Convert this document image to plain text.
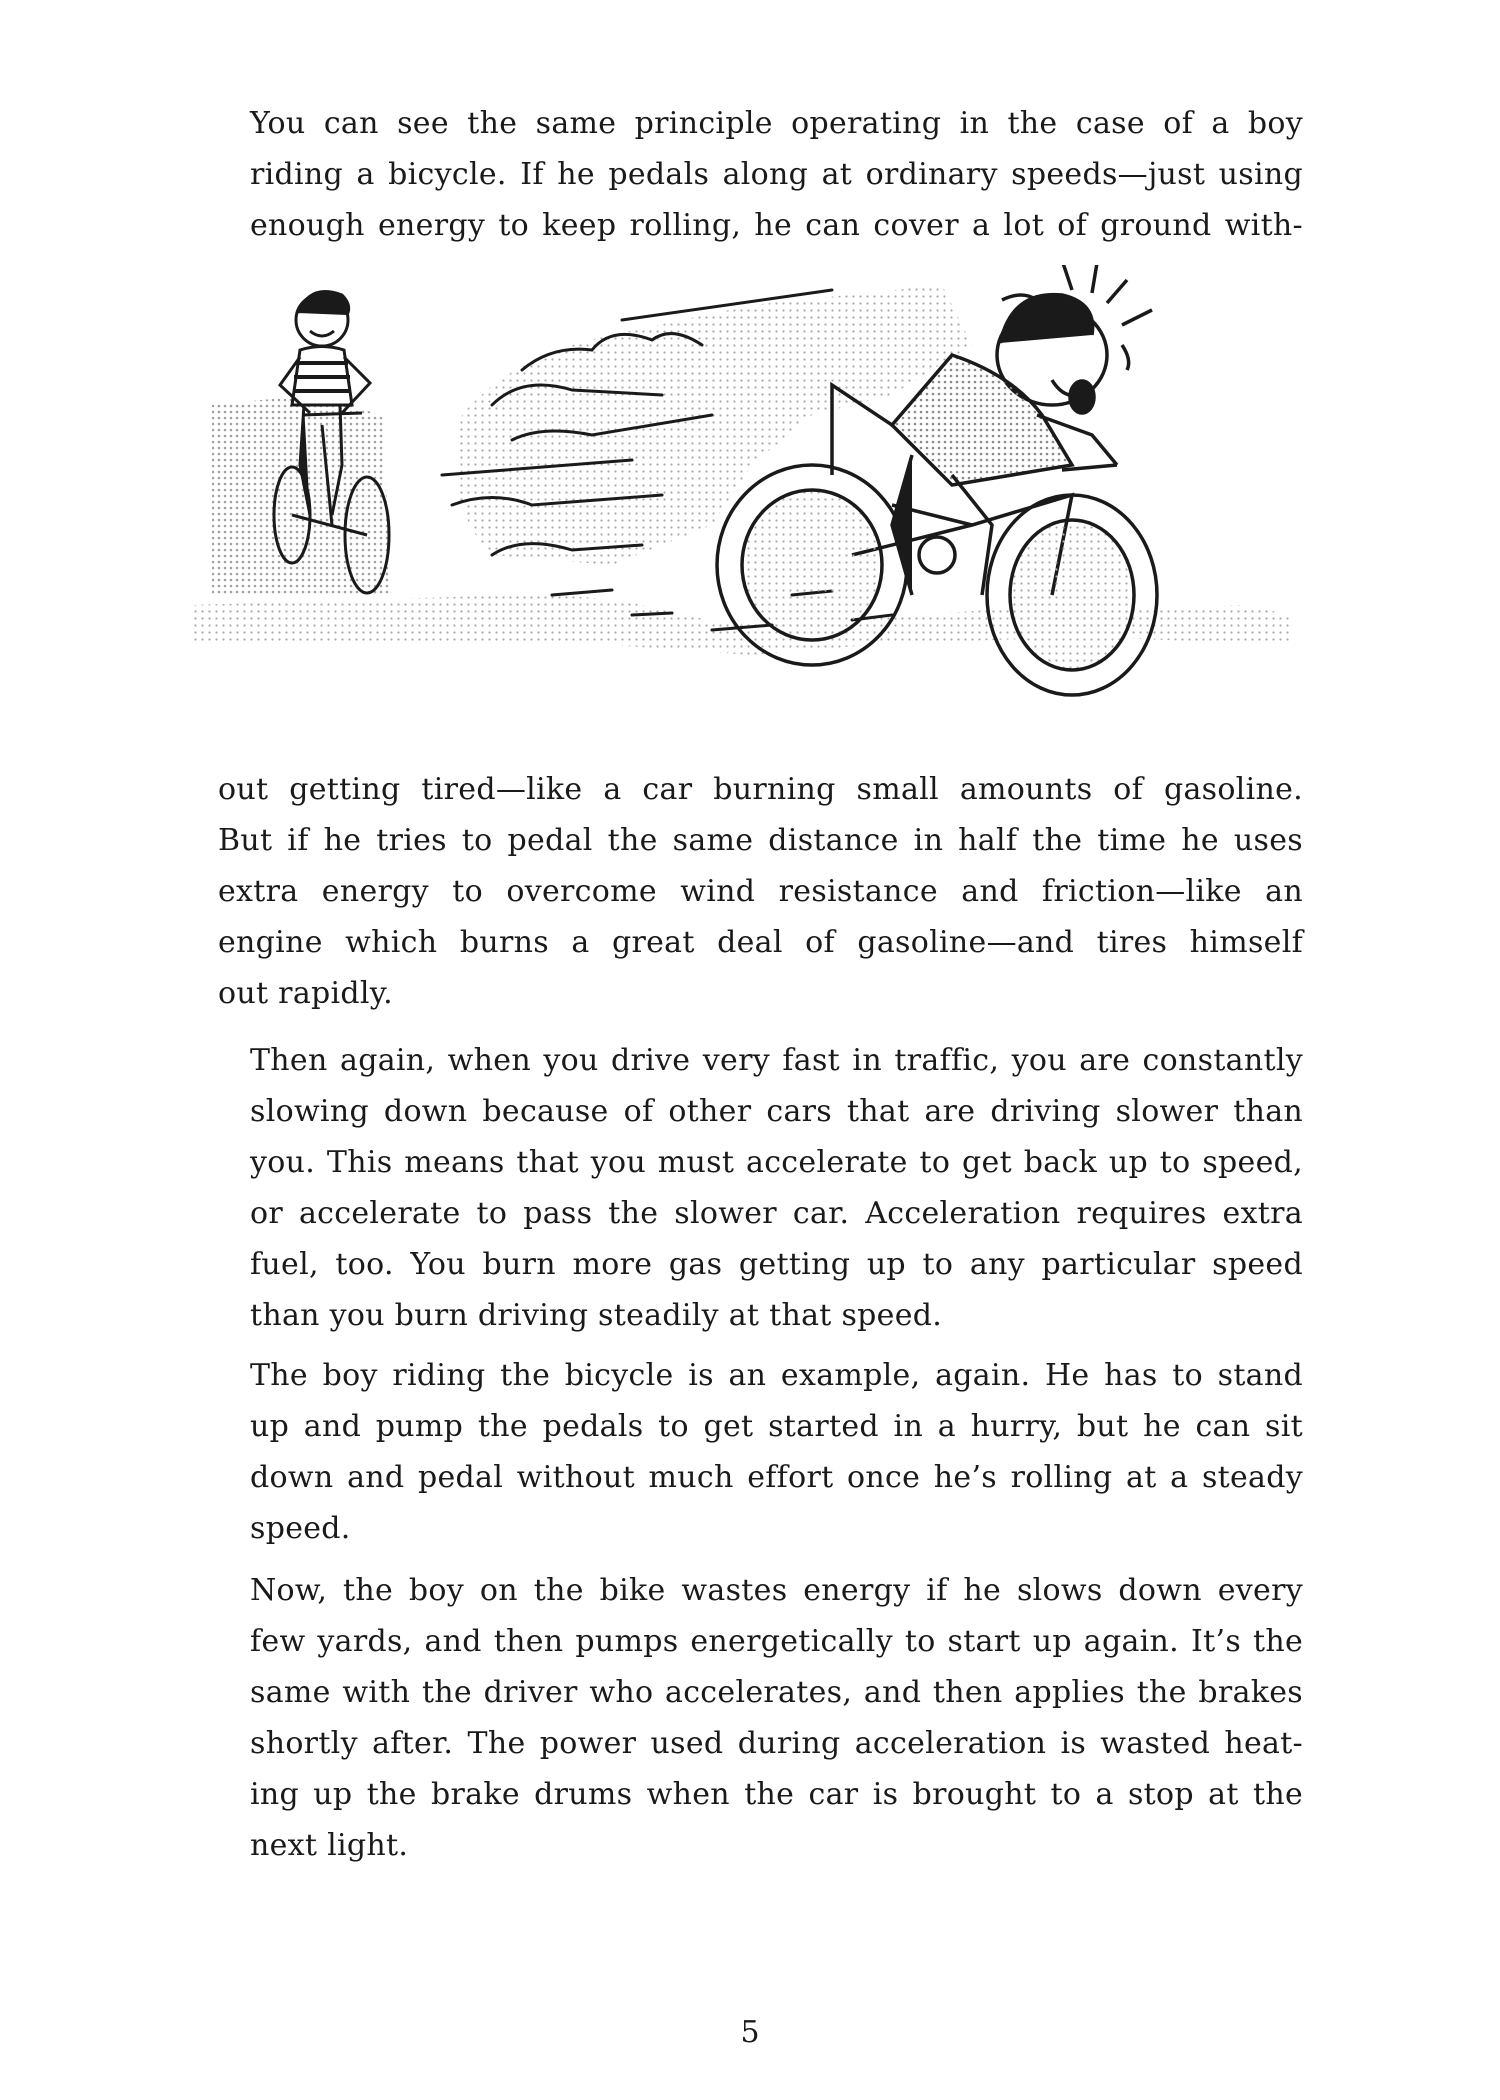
You can see the same principle operating in the case of a boy
riding a bicycle. If he pedals along at ordinary speeds—just using
enough energy to keep rolling, he can cover a lot of ground with-

out getting tired—like a car burning small amounts of gasoline.
But if he tries to pedal the same distance in half the time he uses
extra energy to overcome wind resistance and friction—like an
engine which burns a great deal of gasoline—and tires himself
out rapidly.

Then again, when you drive very fast in traffic, you are constantly
slowing down because of other cars that are driving slower than
you. This means that you must accelerate to get back up to speed,
or accelerate to pass the slower car. Acceleration requires extra
fuel, too. You burn more gas getting up to any particular speed
than you burn driving steadily at that speed.

The boy riding the bicycle is an example, again. He has to stand
up and pump the pedals to get started in a hurry, but he can sit
down and pedal without much effort once he’s rolling at a steady
speed.

Now, the boy on the bike wastes energy if he slows down every
few yards, and then pumps energetically to start up again. It’s the
same with the driver who accelerates, and then applies the brakes
shortly after. The power used during acceleration is wasted heat-
ing up the brake drums when the car is brought to a stop at the
next light.

5
